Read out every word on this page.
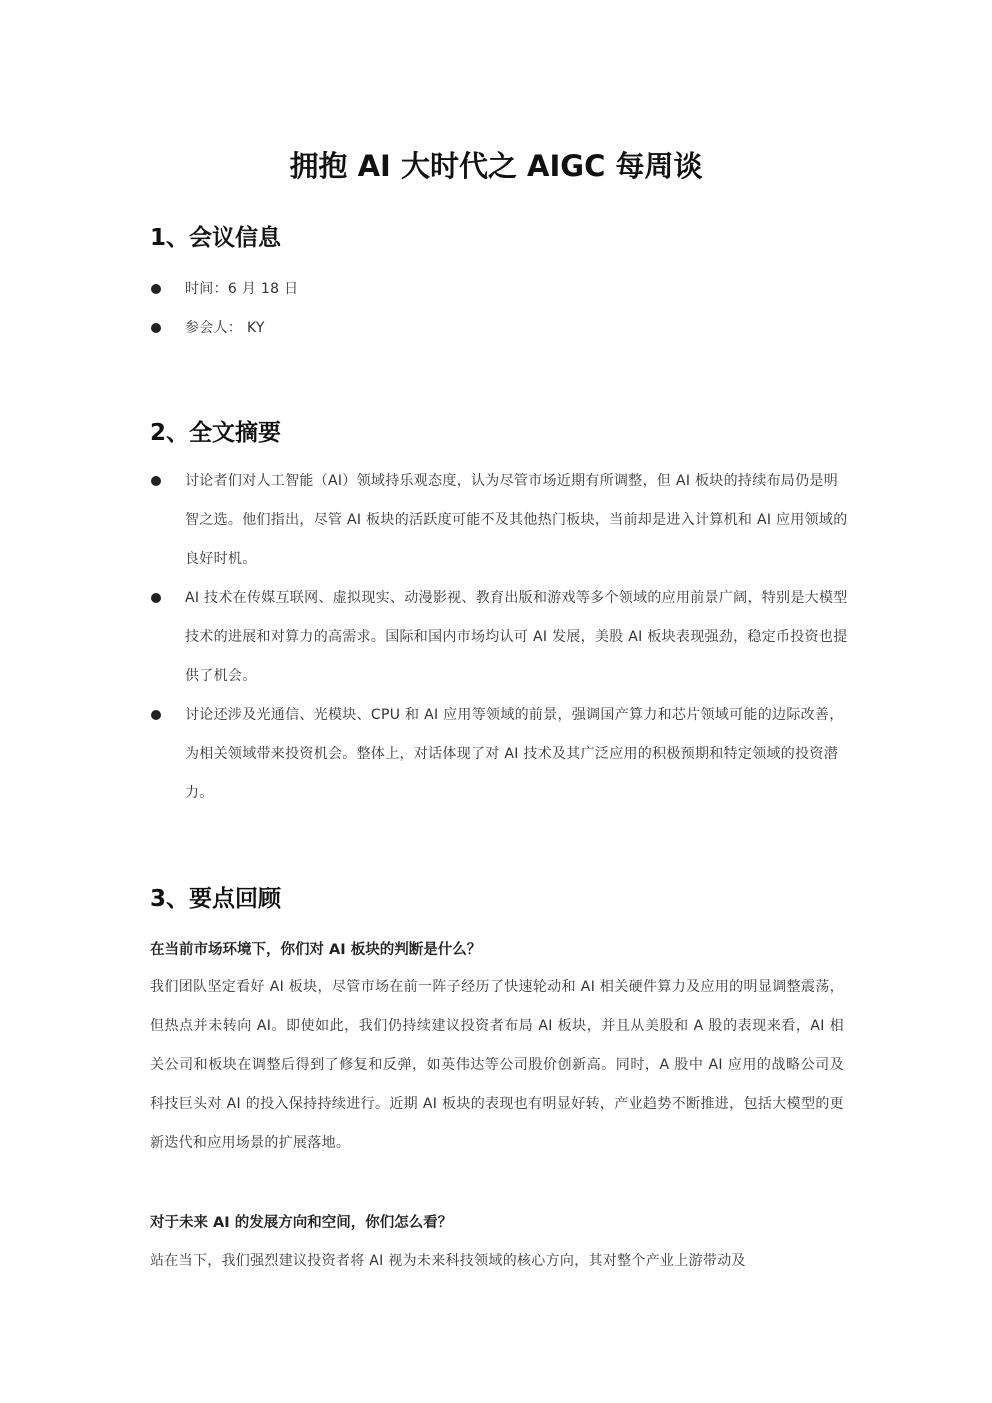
拥抱 AI 大时代之 AIGC 每周谈
1、会议信息
时间：6 月 18 日
参会人： KY
2、全文摘要
讨论者们对人工智能（AI）领域持乐观态度，认为尽管市场近期有所调整，但 AI 板块的持续布局仍是明智之选。他们指出，尽管 AI 板块的活跃度可能不及其他热门板块，当前却是进入计算机和 AI 应用领域的良好时机。
AI 技术在传媒互联网、虚拟现实、动漫影视、教育出版和游戏等多个领域的应用前景广阔，特别是大模型技术的进展和对算力的高需求。国际和国内市场均认可 AI 发展，美股 AI 板块表现强劲，稳定币投资也提供了机会。
讨论还涉及光通信、光模块、CPU 和 AI 应用等领域的前景，强调国产算力和芯片领域可能的边际改善，为相关领域带来投资机会。整体上，对话体现了对 AI 技术及其广泛应用的积极预期和特定领域的投资潜力。
3、要点回顾
在当前市场环境下，你们对 AI 板块的判断是什么？
我们团队坚定看好 AI 板块，尽管市场在前一阵子经历了快速轮动和 AI 相关硬件算力及应用的明显调整震荡，但热点并未转向 AI。即使如此，我们仍持续建议投资者布局 AI 板块，并且从美股和 A 股的表现来看，AI 相关公司和板块在调整后得到了修复和反弹，如英伟达等公司股价创新高。同时，A 股中 AI 应用的战略公司及科技巨头对 AI 的投入保持持续进行。近期 AI 板块的表现也有明显好转，产业趋势不断推进，包括大模型的更新迭代和应用场景的扩展落地。
对于未来 AI 的发展方向和空间，你们怎么看？
站在当下，我们强烈建议投资者将 AI 视为未来科技领域的核心方向，其对整个产业上游带动及
